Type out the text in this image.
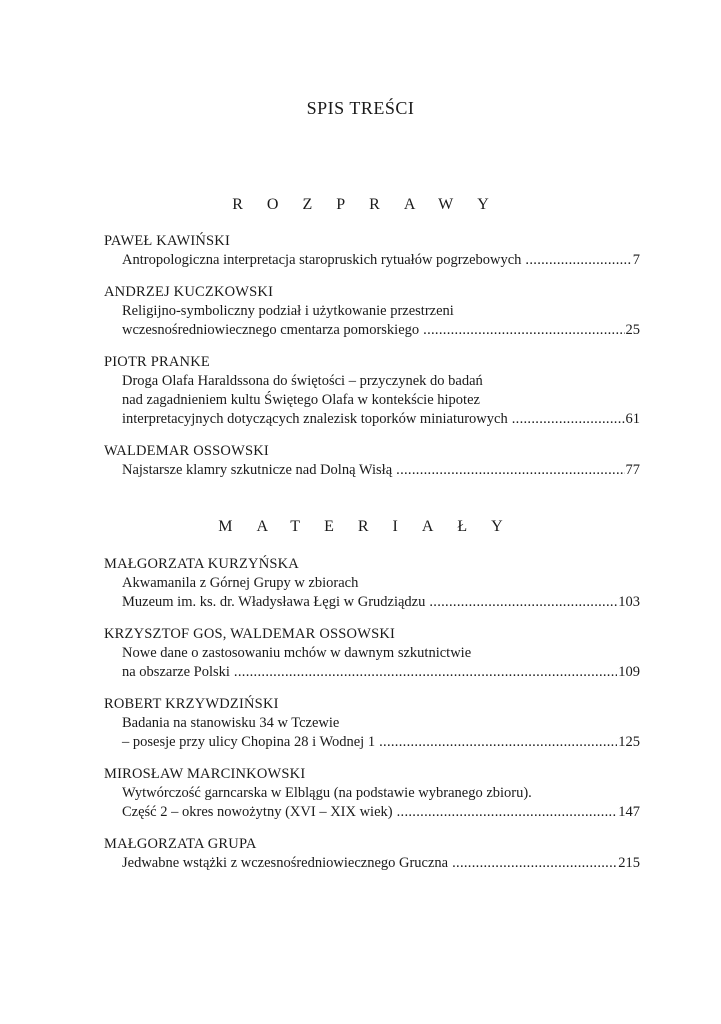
SPIS TREŚCI
ROZPRAWY
PAWEŁ KAWIŃSKI
Antropologiczna interpretacja staropruskich rytuałów pogrzebowych .....	7
ANDRZEJ KUCZKOWSKI
Religijno-symboliczny podział i użytkowanie przestrzeni
wczesnośredniowiecznego cmentarza pomorskiego .....	25
PIOTR PRANKE
Droga Olafa Haraldssona do świętości – przyczynek do badań
nad zagadnieniem kultu Świętego Olafa w kontekście hipotez
interpretacyjnych dotyczących znalezisk toporków miniaturowych .....	61
WALDEMAR OSSOWSKI
Najstarsze klamry szkutnicze nad Dolną Wisłą .....	77
MATERIAŁY
MAŁGORZATA KURZYŃSKA
Akwamanila z Górnej Grupy w zbiorach
Muzeum im. ks. dr. Władysława Łęgi w Grudziądzu .....	103
KRZYSZTOF GOS, WALDEMAR OSSOWSKI
Nowe dane o zastosowaniu mchów w dawnym szkutnictwie
na obszarze Polski .....	109
ROBERT KRZYWDZIŃSKI
Badania na stanowisku 34 w Tczewie
– posesje przy ulicy Chopina 28 i Wodnej 1 .....	125
MIROSŁAW MARCINKOWSKI
Wytwórczość garncarska w Elblągu (na podstawie wybranego zbioru).
Część 2 – okres nowożytny (XVI – XIX wiek) .....	147
MAŁGORZATA GRUPA
Jedwabne wstążki z wczesnośredniowiecznego Gruczna .....	215
